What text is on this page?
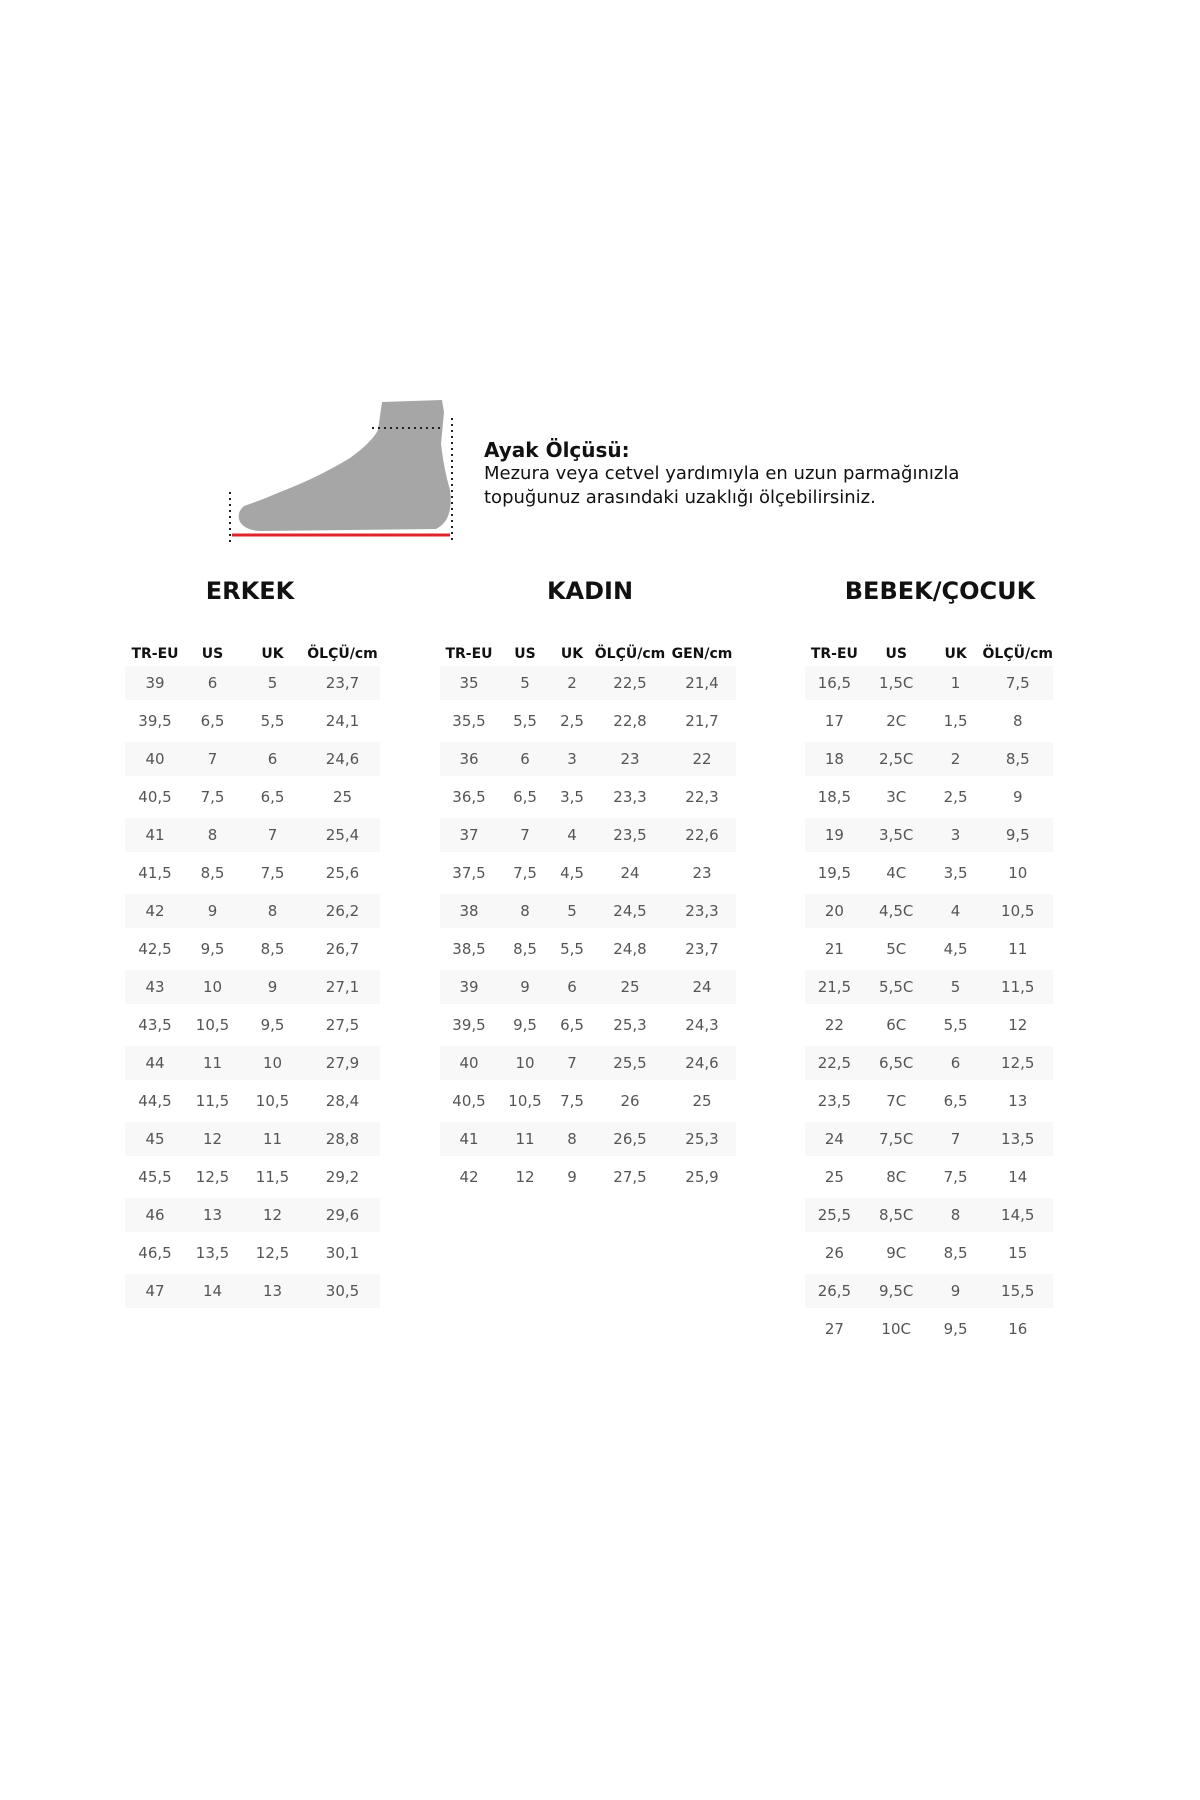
Ayak Ölçüsü:
Mezura veya cetvel yardımıyla en uzun parmağınızla
topuğunuz arasındaki uzaklığı ölçebilirsiniz.
ERKEK
TR-EU	US	UK	ÖLÇÜ/cm
39	6	5	23,7
39,5	6,5	5,5	24,1
40	7	6	24,6
40,5	7,5	6,5	25
41	8	7	25,4
41,5	8,5	7,5	25,6
42	9	8	26,2
42,5	9,5	8,5	26,7
43	10	9	27,1
43,5	10,5	9,5	27,5
44	11	10	27,9
44,5	11,5	10,5	28,4
45	12	11	28,8
45,5	12,5	11,5	29,2
46	13	12	29,6
46,5	13,5	12,5	30,1
47	14	13	30,5
KADIN
TR-EU	US	UK	ÖLÇÜ/cm	GEN/cm
35	5	2	22,5	21,4
35,5	5,5	2,5	22,8	21,7
36	6	3	23	22
36,5	6,5	3,5	23,3	22,3
37	7	4	23,5	22,6
37,5	7,5	4,5	24	23
38	8	5	24,5	23,3
38,5	8,5	5,5	24,8	23,7
39	9	6	25	24
39,5	9,5	6,5	25,3	24,3
40	10	7	25,5	24,6
40,5	10,5	7,5	26	25
41	11	8	26,5	25,3
42	12	9	27,5	25,9
BEBEK/ÇOCUK
TR-EU	US	UK	ÖLÇÜ/cm
16,5	1,5C	1	7,5
17	2C	1,5	8
18	2,5C	2	8,5
18,5	3C	2,5	9
19	3,5C	3	9,5
19,5	4C	3,5	10
20	4,5C	4	10,5
21	5C	4,5	11
21,5	5,5C	5	11,5
22	6C	5,5	12
22,5	6,5C	6	12,5
23,5	7C	6,5	13
24	7,5C	7	13,5
25	8C	7,5	14
25,5	8,5C	8	14,5
26	9C	8,5	15
26,5	9,5C	9	15,5
27	10C	9,5	16
